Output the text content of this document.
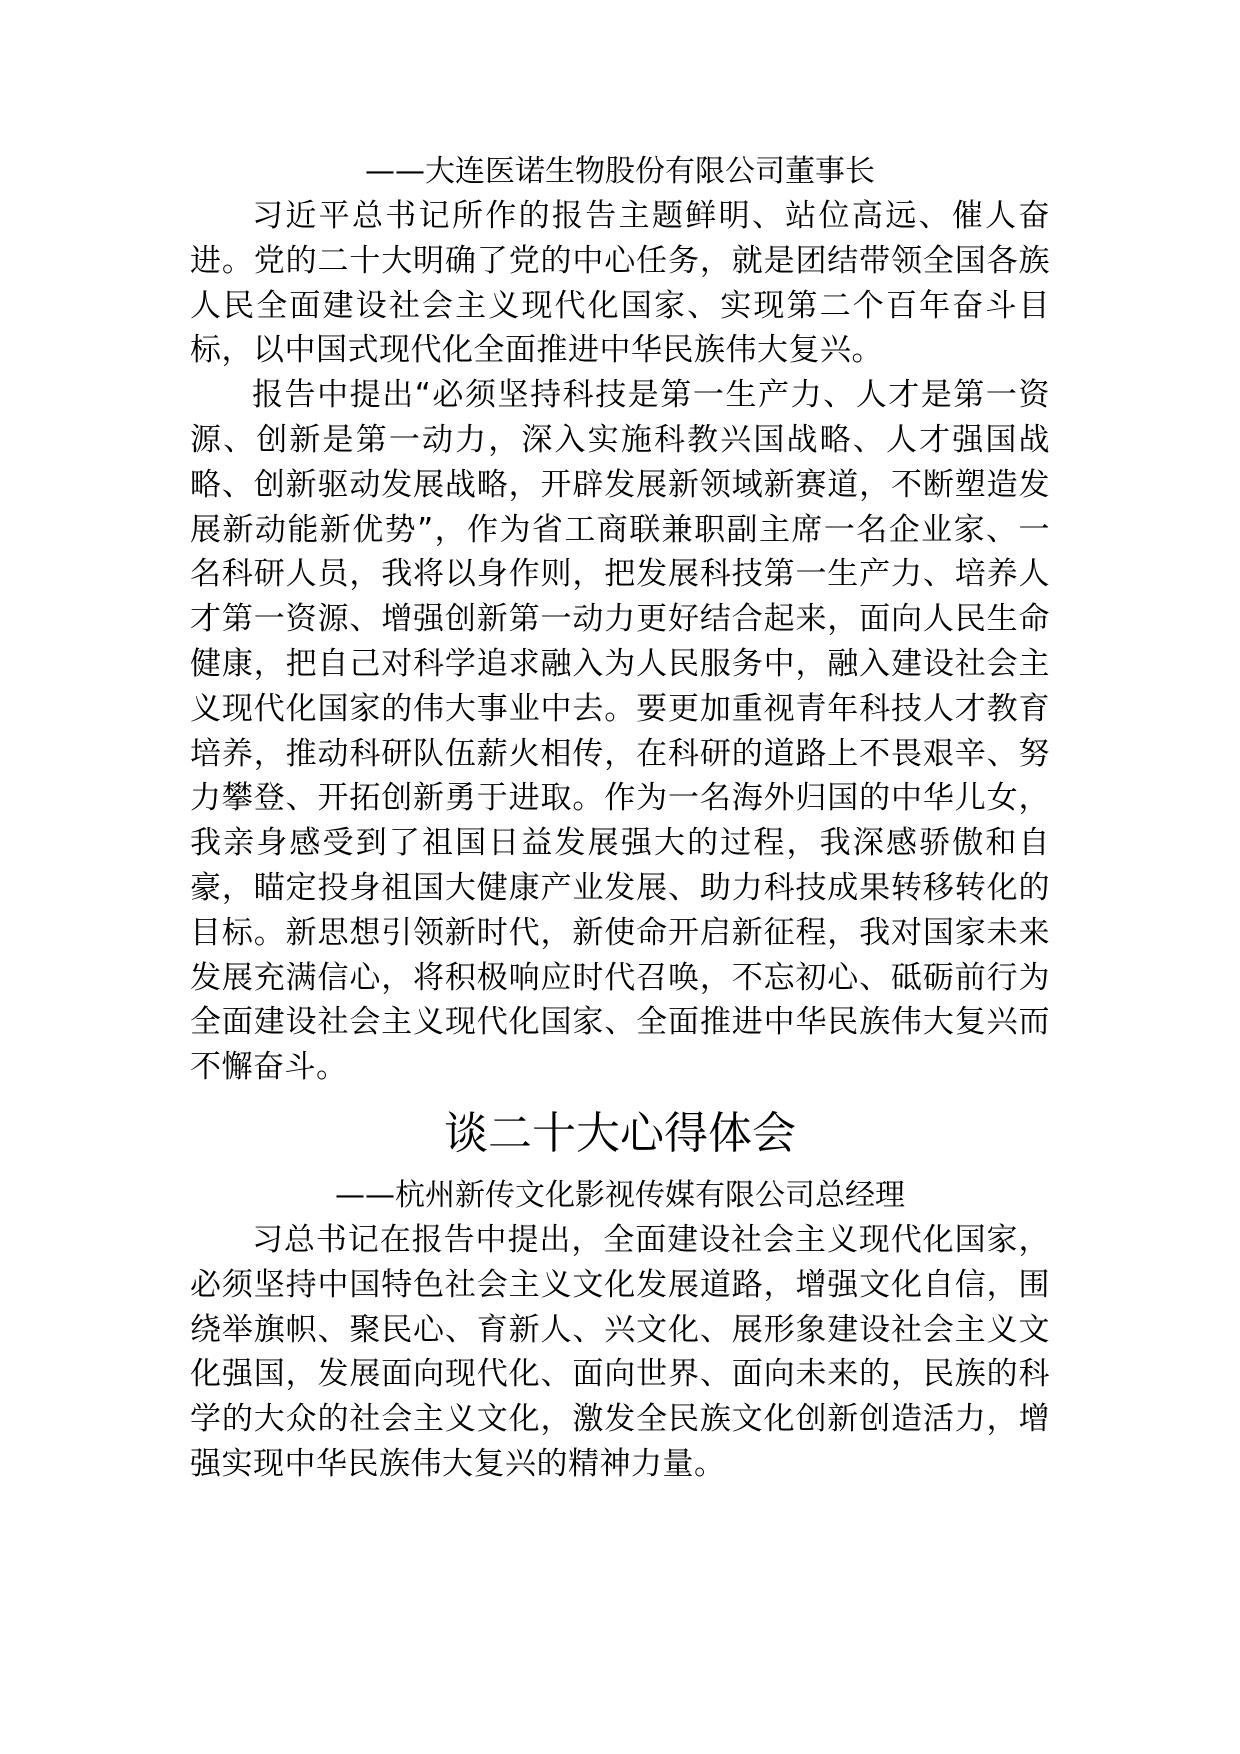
——大连医诺生物股份有限公司董事长

习近平总书记所作的报告主题鲜明、站位高远、催人奋进。党的二十大明确了党的中心任务，就是团结带领全国各族人民全面建设社会主义现代化国家、实现第二个百年奋斗目标，以中国式现代化全面推进中华民族伟大复兴。

报告中提出“必须坚持科技是第一生产力、人才是第一资源、创新是第一动力，深入实施科教兴国战略、人才强国战略、创新驱动发展战略，开辟发展新领域新赛道，不断塑造发展新动能新优势”，作为省工商联兼职副主席一名企业家、一名科研人员，我将以身作则，把发展科技第一生产力、培养人才第一资源、增强创新第一动力更好结合起来，面向人民生命健康，把自己对科学追求融入为人民服务中，融入建设社会主义现代化国家的伟大事业中去。要更加重视青年科技人才教育培养，推动科研队伍薪火相传，在科研的道路上不畏艰辛、努力攀登、开拓创新勇于进取。作为一名海外归国的中华儿女，我亲身感受到了祖国日益发展强大的过程，我深感骄傲和自豪，瞄定投身祖国大健康产业发展、助力科技成果转移转化的目标。新思想引领新时代，新使命开启新征程，我对国家未来发展充满信心，将积极响应时代召唤，不忘初心、砥砺前行为全面建设社会主义现代化国家、全面推进中华民族伟大复兴而不懈奋斗。

谈二十大心得体会
——杭州新传文化影视传媒有限公司总经理

习总书记在报告中提出，全面建设社会主义现代化国家，必须坚持中国特色社会主义文化发展道路，增强文化自信，围绕举旗帜、聚民心、育新人、兴文化、展形象建设社会主义文化强国，发展面向现代化、面向世界、面向未来的，民族的科学的大众的社会主义文化，激发全民族文化创新创造活力，增强实现中华民族伟大复兴的精神力量。
